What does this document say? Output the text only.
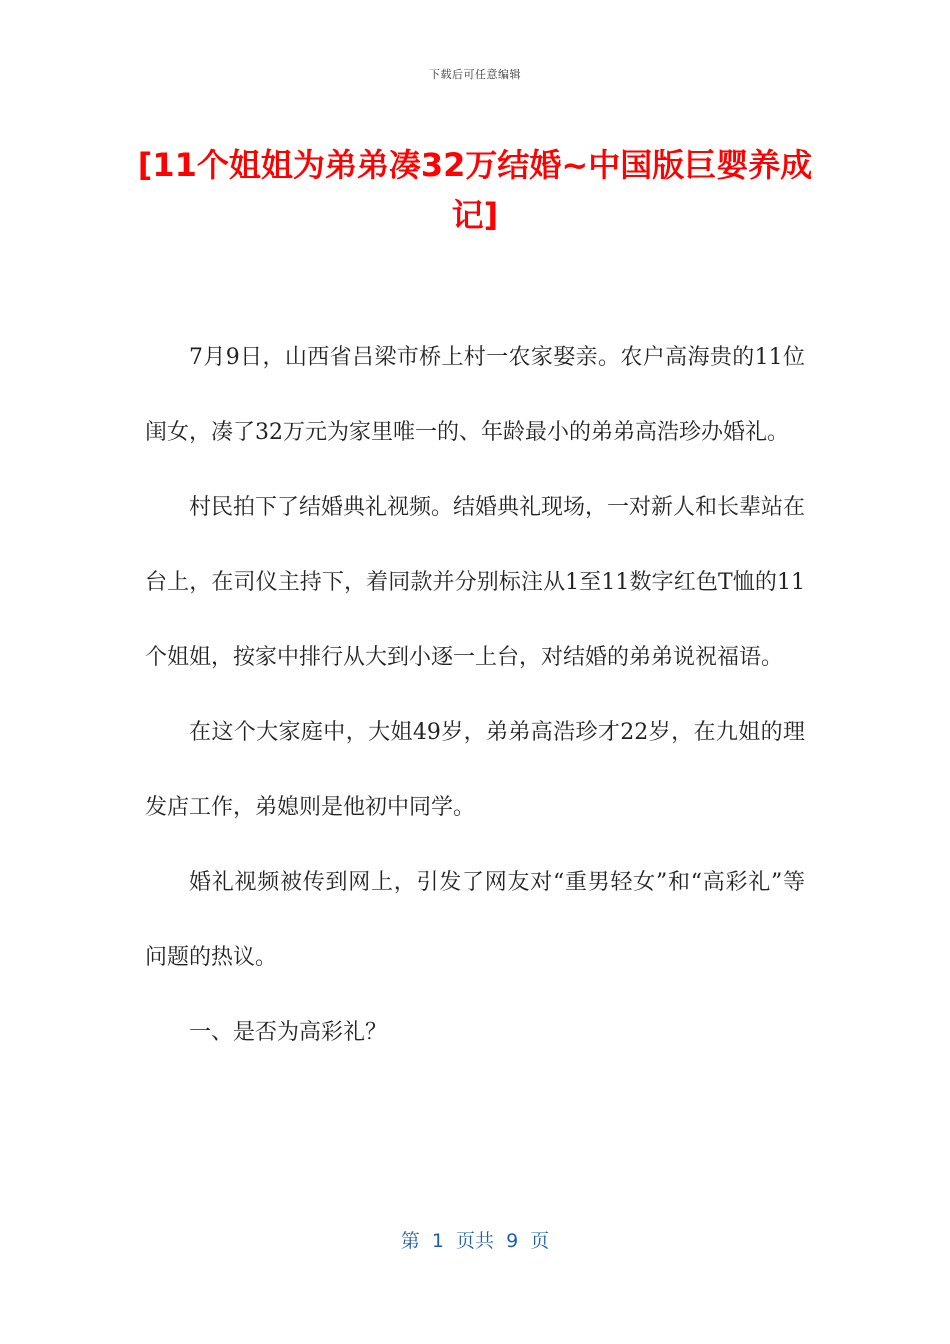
下载后可任意编辑
[11个姐姐为弟弟凑32万结婚~中国版巨婴养成记]

7月9日，山西省吕梁市桥上村一农家娶亲。农户高海贵的11位闺女，凑了32万元为家里唯一的、年龄最小的弟弟高浩珍办婚礼。

村民拍下了结婚典礼视频。结婚典礼现场，一对新人和长辈站在台上，在司仪主持下，着同款并分别标注从1至11数字红色T恤的11个姐姐，按家中排行从大到小逐一上台，对结婚的弟弟说祝福语。

在这个大家庭中，大姐49岁，弟弟高浩珍才22岁，在九姐的理发店工作，弟媳则是他初中同学。

婚礼视频被传到网上，引发了网友对“重男轻女”和“高彩礼”等问题的热议。

一、是否为高彩礼？

第  1  页共  9  页
